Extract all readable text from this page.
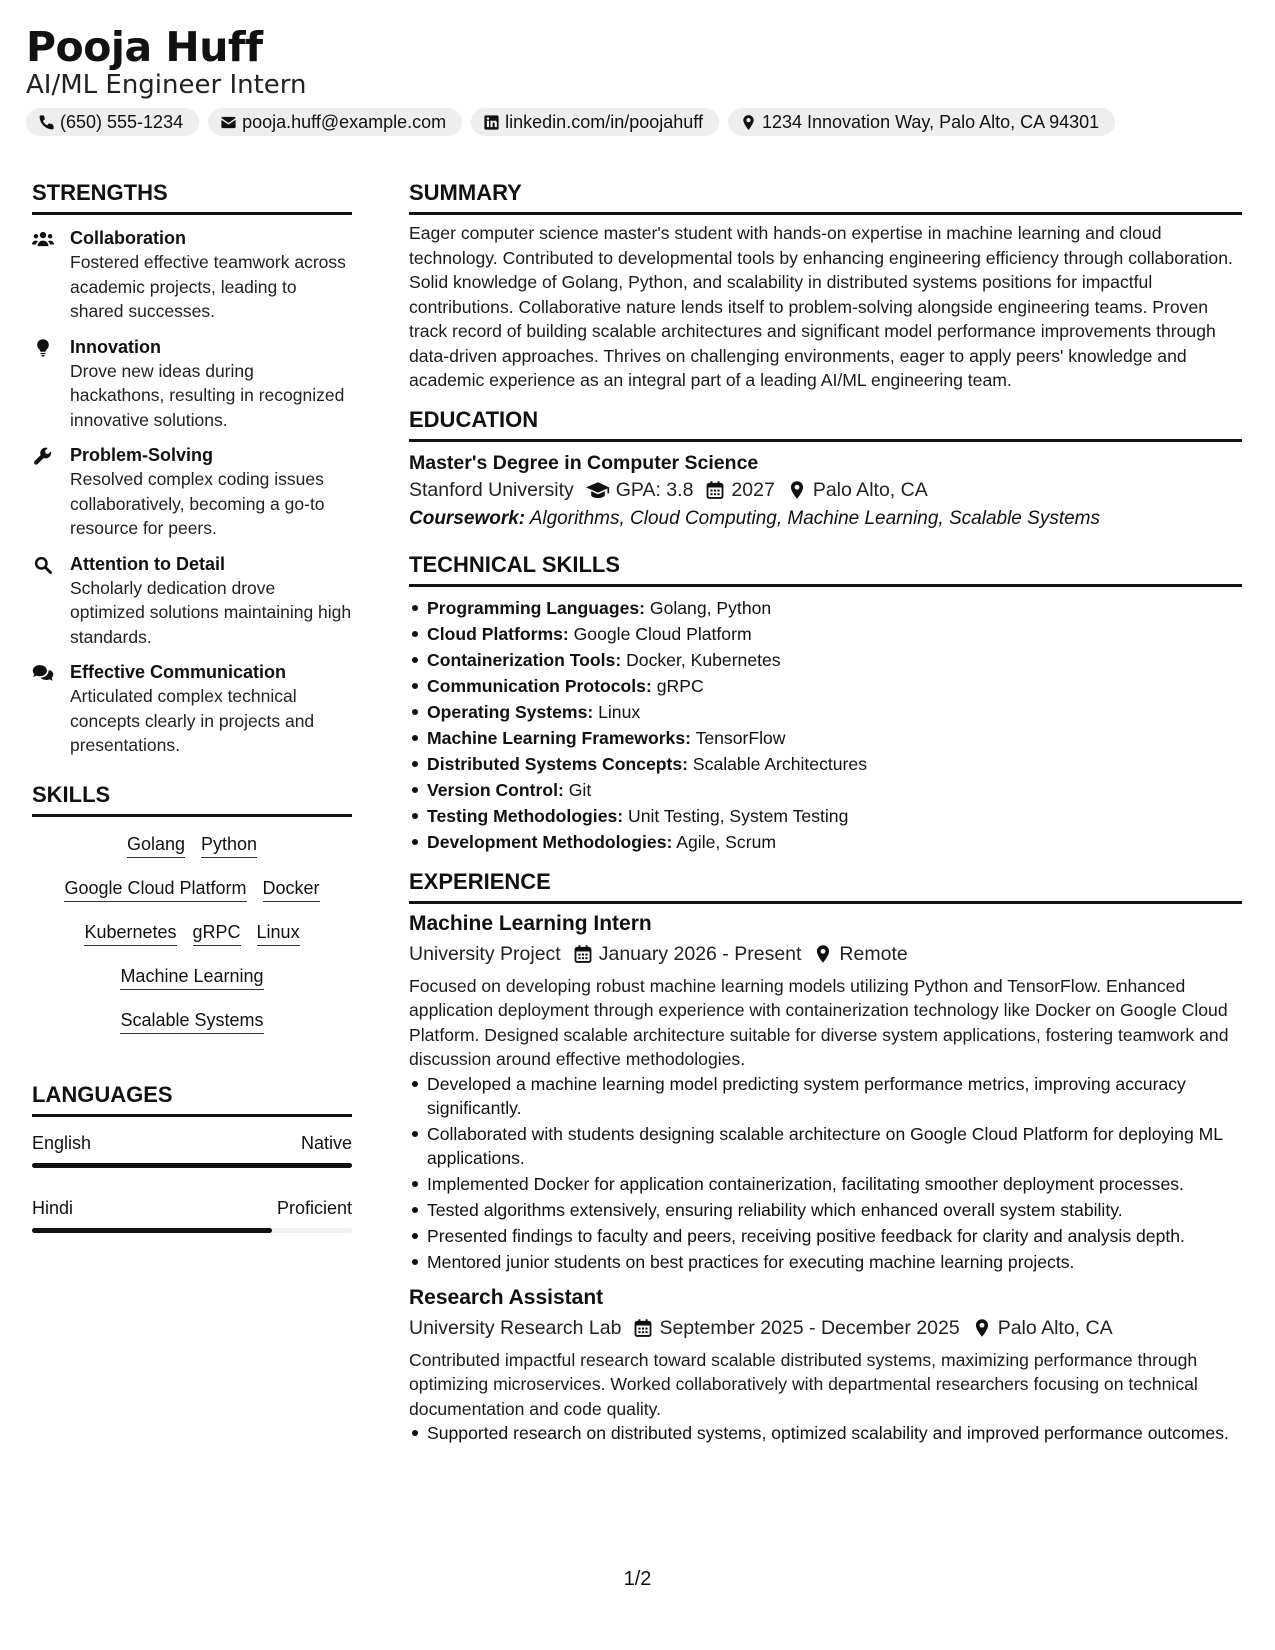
Pooja Huff
AI/ML Engineer Intern
(650) 555-1234	pooja.huff@example.com	linkedin.com/in/poojahuff	1234 Innovation Way, Palo Alto, CA 94301
STRENGTHS
Collaboration
Fostered effective teamwork across academic projects, leading to shared successes.
Innovation
Drove new ideas during hackathons, resulting in recognized innovative solutions.
Problem-Solving
Resolved complex coding issues collaboratively, becoming a go-to resource for peers.
Attention to Detail
Scholarly dedication drove optimized solutions maintaining high standards.
Effective Communication
Articulated complex technical concepts clearly in projects and presentations.
SKILLS
Golang Python
Google Cloud Platform Docker
Kubernetes gRPC Linux
Machine Learning
Scalable Systems
LANGUAGES
English	Native
Hindi	Proficient
SUMMARY
Eager computer science master's student with hands-on expertise in machine learning and cloud technology. Contributed to developmental tools by enhancing engineering efficiency through collaboration. Solid knowledge of Golang, Python, and scalability in distributed systems positions for impactful contributions. Collaborative nature lends itself to problem-solving alongside engineering teams. Proven track record of building scalable architectures and significant model performance improvements through data-driven approaches. Thrives on challenging environments, eager to apply peers' knowledge and academic experience as an integral part of a leading AI/ML engineering team.
EDUCATION
Master's Degree in Computer Science
Stanford University GPA: 3.8 2027 Palo Alto, CA
Coursework: Algorithms, Cloud Computing, Machine Learning, Scalable Systems
TECHNICAL SKILLS
Programming Languages: Golang, Python
Cloud Platforms: Google Cloud Platform
Containerization Tools: Docker, Kubernetes
Communication Protocols: gRPC
Operating Systems: Linux
Machine Learning Frameworks: TensorFlow
Distributed Systems Concepts: Scalable Architectures
Version Control: Git
Testing Methodologies: Unit Testing, System Testing
Development Methodologies: Agile, Scrum
EXPERIENCE
Machine Learning Intern
University Project January 2026 - Present Remote
Focused on developing robust machine learning models utilizing Python and TensorFlow. Enhanced application deployment through experience with containerization technology like Docker on Google Cloud Platform. Designed scalable architecture suitable for diverse system applications, fostering teamwork and discussion around effective methodologies.
Developed a machine learning model predicting system performance metrics, improving accuracy significantly.
Collaborated with students designing scalable architecture on Google Cloud Platform for deploying ML applications.
Implemented Docker for application containerization, facilitating smoother deployment processes.
Tested algorithms extensively, ensuring reliability which enhanced overall system stability.
Presented findings to faculty and peers, receiving positive feedback for clarity and analysis depth.
Mentored junior students on best practices for executing machine learning projects.
Research Assistant
University Research Lab September 2025 - December 2025 Palo Alto, CA
Contributed impactful research toward scalable distributed systems, maximizing performance through optimizing microservices. Worked collaboratively with departmental researchers focusing on technical documentation and code quality.
Supported research on distributed systems, optimized scalability and improved performance outcomes.
1/2
